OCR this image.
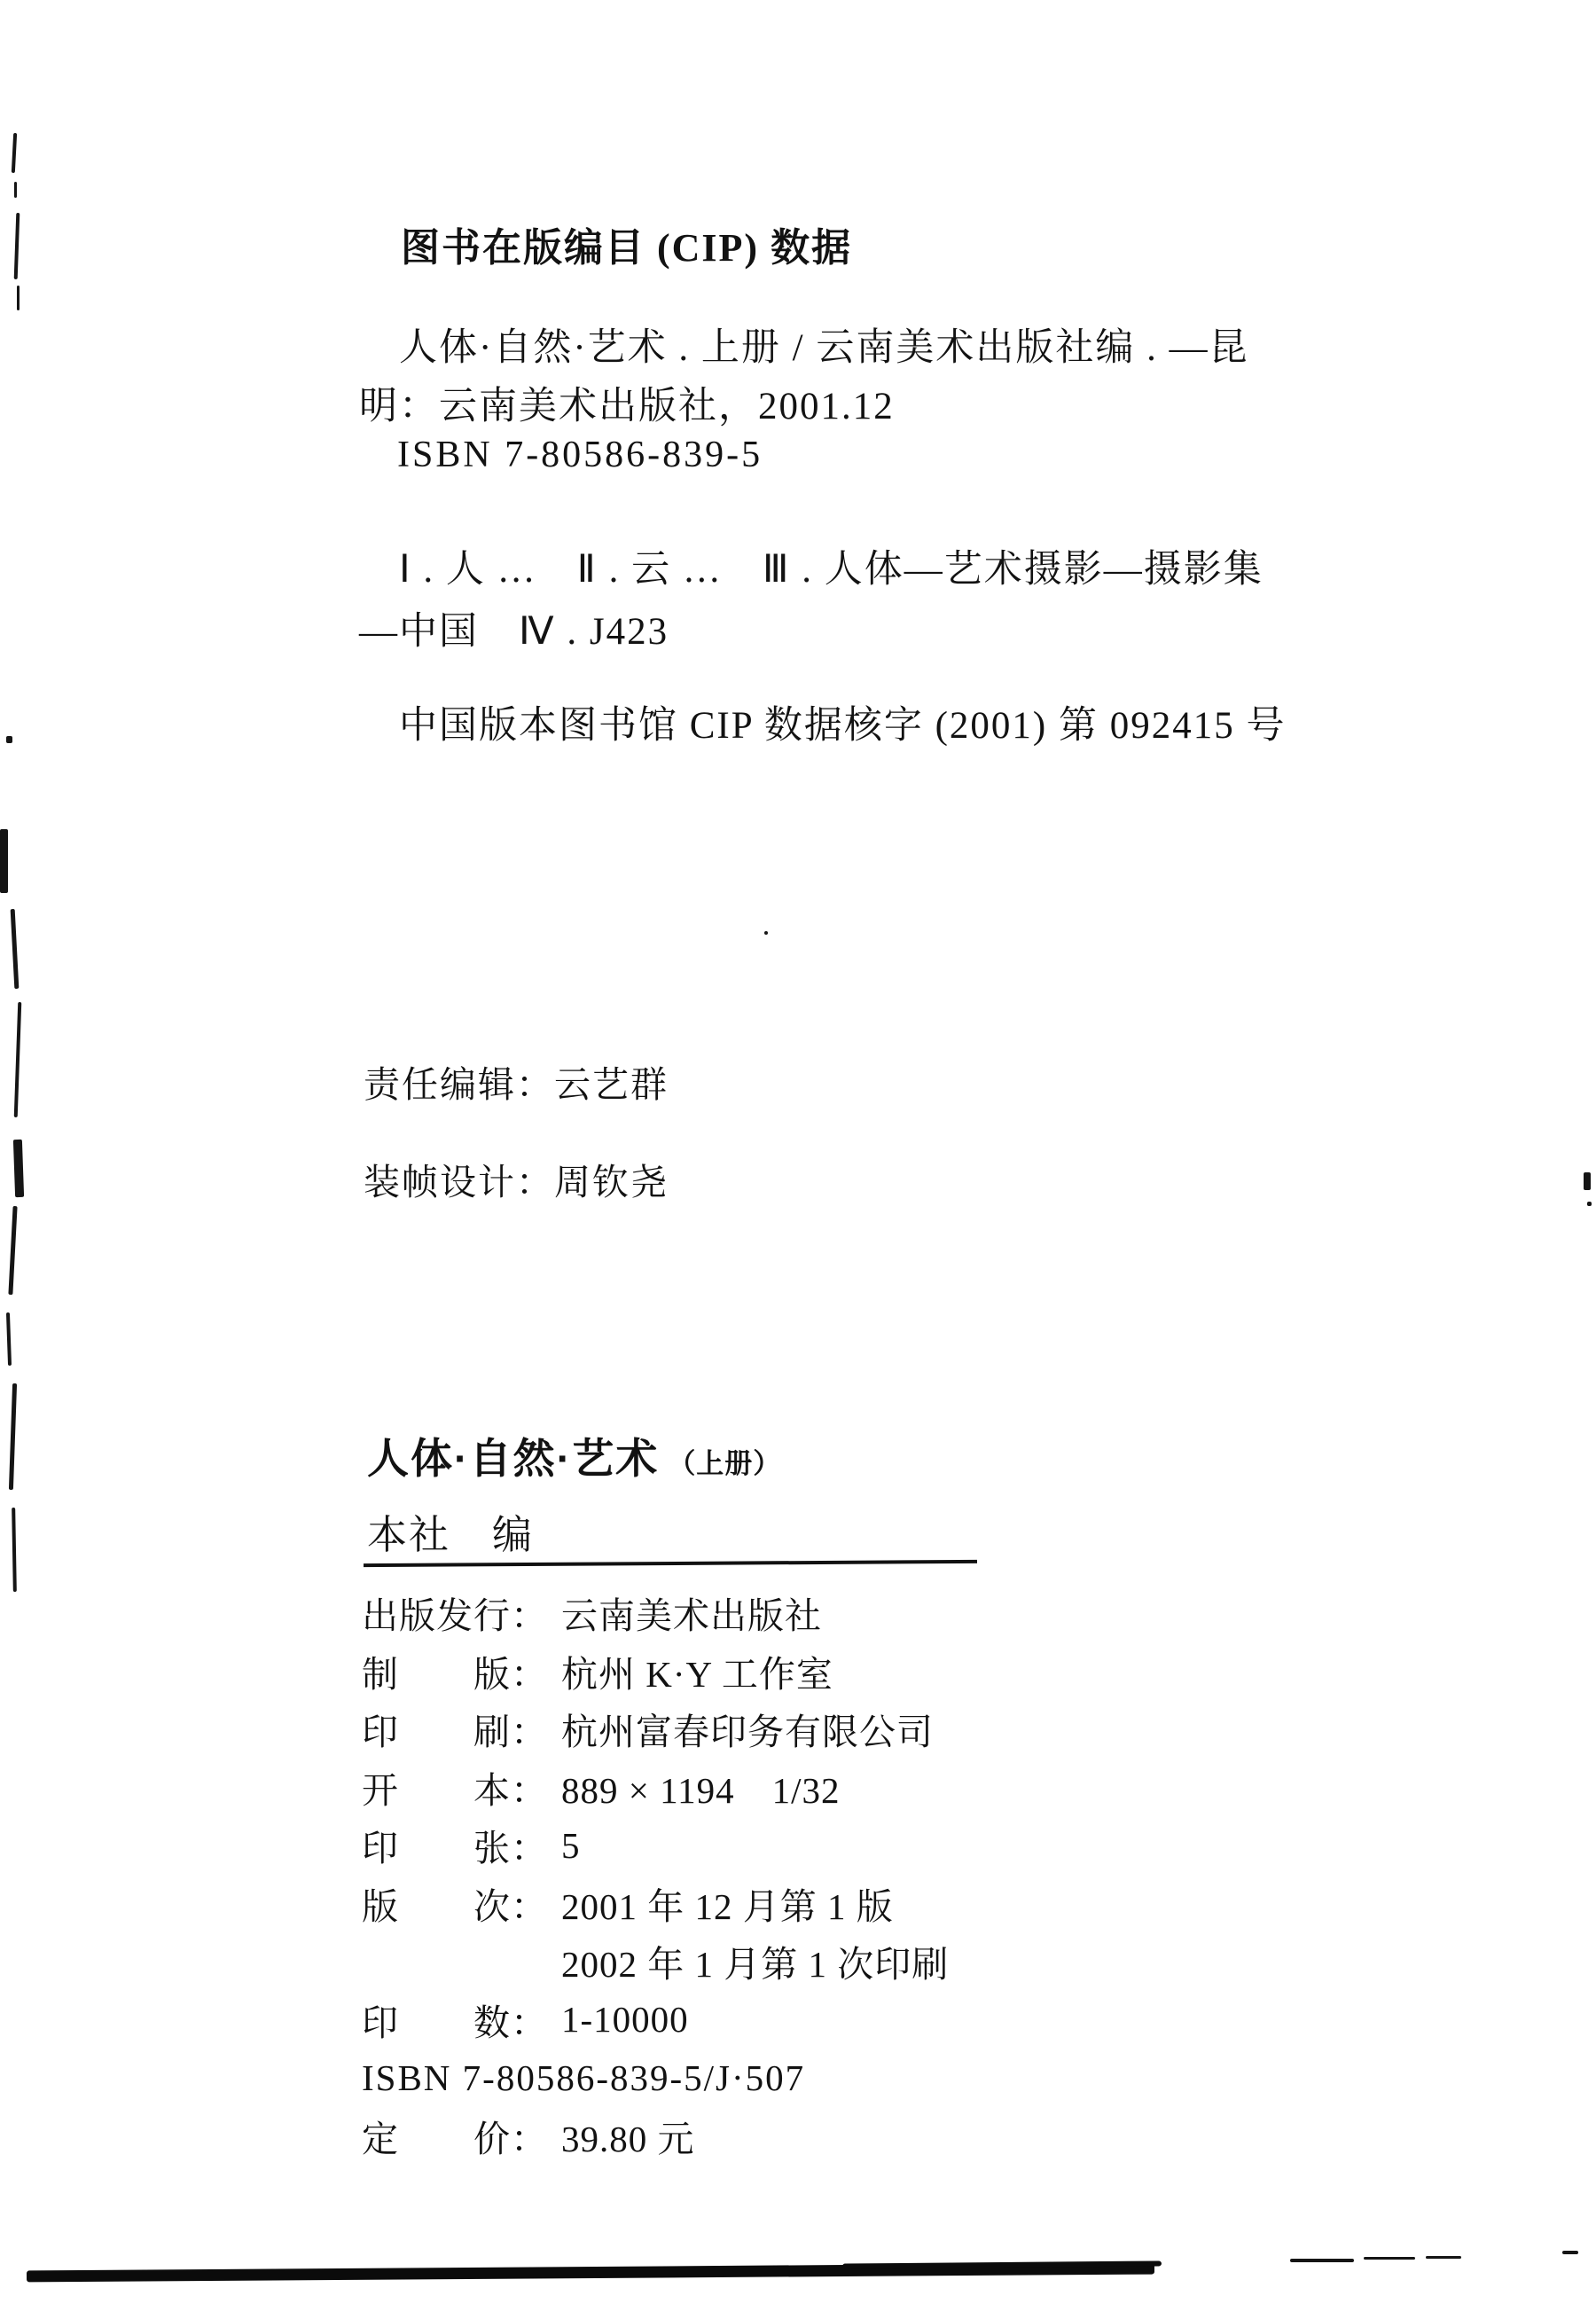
图书在版编目 (CIP) 数据
人体·自然·艺术 . 上册 / 云南美术出版社编 . —昆
明：云南美术出版社，2001.12
ISBN 7-80586-839-5
Ⅰ . 人 …　Ⅱ . 云 …　Ⅲ . 人体—艺术摄影—摄影集
—中国　Ⅳ . J423
中国版本图书馆 CIP 数据核字 (2001) 第 092415 号
责任编辑：云艺群
装帧设计：周钦尧
人体·自然·艺术 （上册）
本社　编
出版发行： 云南美术出版社
制　　版： 杭州 K·Y 工作室
印　　刷： 杭州富春印务有限公司
开　　本： 889 × 1194　1/32
印　　张： 5
版　　次： 2001 年 12 月第 1 版
2002 年 1 月第 1 次印刷
印　　数： 1-10000
ISBN 7-80586-839-5/J·507
定　　价： 39.80 元
